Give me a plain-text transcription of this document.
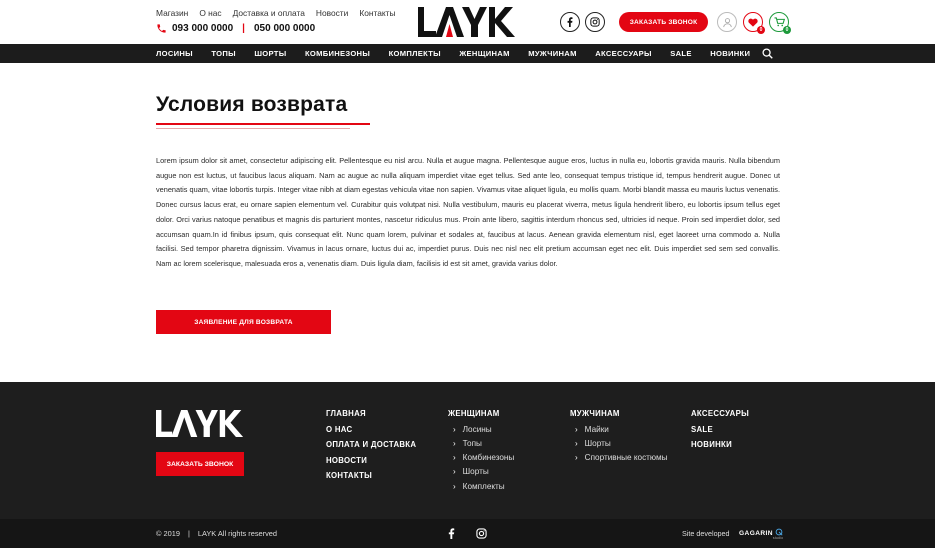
Магазин О нас Доставка и оплата Новости Контакты
093 000 0000 | 050 000 0000
ЗАКАЗАТЬ ЗВОНОК
0	0
ЛОСИНЫ ТОПЫ ШОРТЫ КОМБИНЕЗОНЫ КОМПЛЕКТЫ ЖЕНЩИНАМ МУЖЧИНАМ АКСЕССУАРЫ SALE НОВИНКИ
Условия возврата

Lorem ipsum dolor sit amet, consectetur adipiscing elit. Pellentesque eu nisl arcu. Nulla et augue magna. Pellentesque augue eros, luctus in nulla eu, lobortis gravida mauris. Nulla bibendum augue non est luctus, ut faucibus lacus aliquam. Nam ac augue ac nulla aliquam imperdiet vitae eget tellus. Sed ante leo, consequat tempus tristique id, tempus hendrerit augue. Donec ut venenatis quam, vitae lobortis turpis. Integer vitae nibh at diam egestas vehicula vitae non sapien. Vivamus vitae aliquet ligula, eu mollis quam. Morbi blandit massa eu mauris luctus venenatis. Donec cursus lacus erat, eu ornare sapien elementum vel. Curabitur quis volutpat nisi. Nulla vestibulum, mauris eu placerat viverra, metus ligula hendrerit libero, eu lobortis ipsum tellus eget dolor. Orci varius natoque penatibus et magnis dis parturient montes, nascetur ridiculus mus. Proin ante libero, sagittis interdum rhoncus sed, ultricies id neque. Proin sed imperdiet dolor, sed accumsan quam.In id finibus ipsum, quis consequat elit. Nunc quam lorem, pulvinar et sodales at, faucibus at lacus. Aenean gravida elementum nisl, eget laoreet urna commodo a. Nulla facilisi. Sed tempor pharetra dignissim. Vivamus in lacus ornare, luctus dui ac, imperdiet purus. Duis nec nisl nec elit pretium accumsan eget nec elit. Duis imperdiet sed sem sed convallis. Nam ac lorem scelerisque, malesuada eros a, venenatis diam. Duis ligula diam, facilisis id est sit amet, gravida varius dolor.

ЗАЯВЛЕНИЕ ДЛЯ ВОЗВРАТА
ЗАКАЗАТЬ ЗВОНОК
ГЛАВНАЯ
О НАС
ОПЛАТА И ДОСТАВКА
НОВОСТИ
КОНТАКТЫ
ЖЕНЩИНАМ
› Лосины
› Топы
› Комбинезоны
› Шорты
› Комплекты
МУЖЧИНАМ
› Майки
› Шорты
› Спортивные костюмы
АКСЕССУАРЫ
SALE
НОВИНКИ
© 2019 | LAYK All rights reserved	Site developed GAGARIN
studio
